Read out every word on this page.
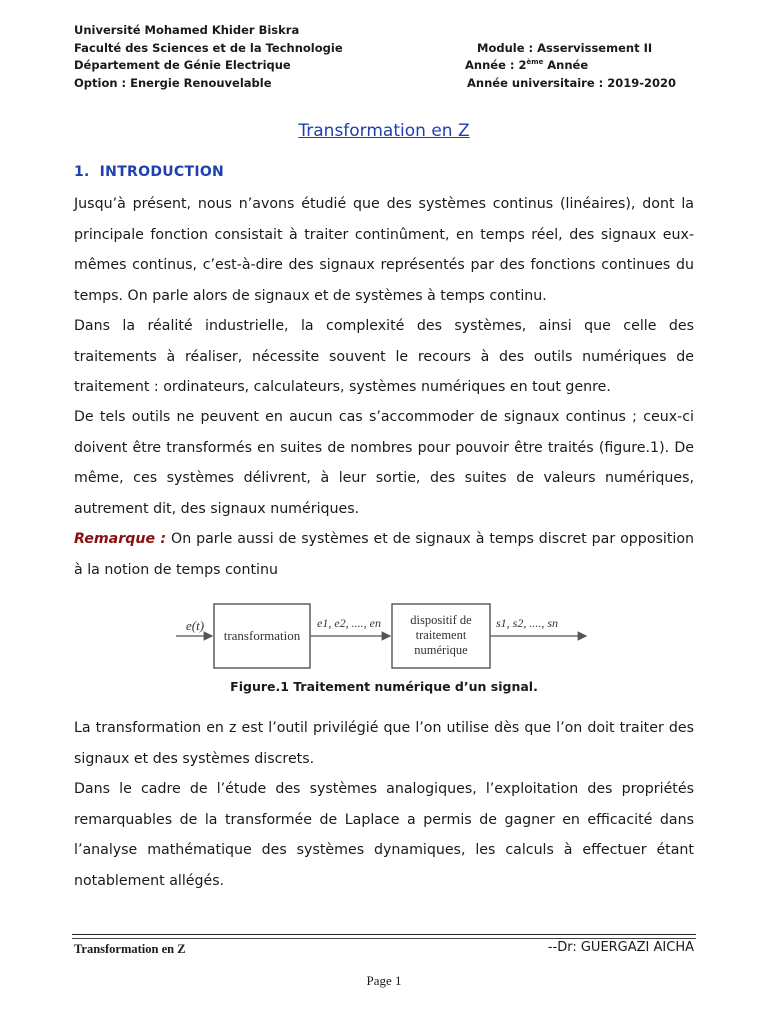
Université Mohamed Khider Biskra
Faculté des Sciences et de la Technologie	Module : Asservissement II
Département de Génie Electrique	Année : 2ème Année
Option : Energie Renouvelable	Année universitaire : 2019-2020
Transformation en Z
1. INTRODUCTION
Jusqu’à présent, nous n’avons étudié que des systèmes continus (linéaires), dont la principale fonction consistait à traiter continûment, en temps réel, des signaux eux-mêmes continus, c’est-à-dire des signaux représentés par des fonctions continues du temps. On parle alors de signaux et de systèmes à temps continu.
Dans la réalité industrielle, la complexité des systèmes, ainsi que celle des traitements à réaliser, nécessite souvent le recours à des outils numériques de traitement : ordinateurs, calculateurs, systèmes numériques en tout genre.
De tels outils ne peuvent en aucun cas s’accommoder de signaux continus ; ceux-ci doivent être transformés en suites de nombres pour pouvoir être traités (figure.1). De même, ces systèmes délivrent, à leur sortie, des suites de valeurs numériques, autrement dit, des signaux numériques.
Remarque : On parle aussi de systèmes et de signaux à temps discret par opposition à la notion de temps continu
e(t)
transformation
e1, e2, ...., en dispositif de
traitement
numérique
s1, s2, ...., sn
Figure.1 Traitement numérique d’un signal.
La transformation en z est l’outil privilégié que l’on utilise dès que l’on doit traiter des signaux et des systèmes discrets.
Dans le cadre de l’étude des systèmes analogiques, l’exploitation des propriétés remarquables de la transformée de Laplace a permis de gagner en efficacité dans l’analyse mathématique des systèmes dynamiques, les calculs à effectuer étant notablement allégés.
Transformation en Z	--Dr: GUERGAZI AICHA
Page 1
